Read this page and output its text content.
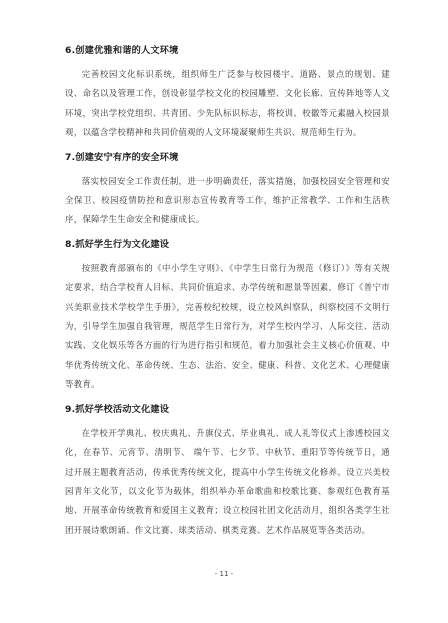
6.创建优雅和谐的人文环境

完善校园文化标识系统，组织师生广泛参与校园楼宇、道路、景点的规划、建设、命名以及管理工作，创设彰显学校文化的校园雕塑、文化长廊、宣传阵地等人文环境，突出学校党组织、共青团、少先队标识标志，将校训、校徽等元素融入校园景观，以蕴含学校精神和共同价值观的人文环境凝聚师生共识、规范师生行为。

7.创建安宁有序的安全环境

落实校园安全工作责任制，进一步明确责任，落实措施，加强校园安全管理和安全保卫、校园疫情防控和意识形态宣传教育等工作，维护正常教学、工作和生活秩序，保障学生生命安全和健康成长。

8.抓好学生行为文化建设

按照教育部颁布的《中小学生守则》、《中学生日常行为规范（修订）》等有关规定要求，结合学校育人目标、共同价值追求、办学传统和愿景等因素，修订《普宁市兴美职业技术学校学生手册》，完善校纪校规，设立校风纠察队，纠察校园不文明行为，引导学生加强自我管理，规范学生日常行为，对学生校内学习、人际交往、活动实践、文化娱乐等各方面的行为进行指引和规范，着力加强社会主义核心价值观、中华优秀传统文化、革命传统、生态、法治、安全、健康、科普、文化艺术、心理健康等教育。

9.抓好学校活动文化建设

在学校开学典礼、校庆典礼、升旗仪式、毕业典礼、成人礼等仪式上渗透校园文化，在春节、元宵节、清明节、 端午节、七夕节、中秋节、重阳节等传统节日，通过开展主题教育活动，传承优秀传统文化，提高中小学生传统文化修养。设立兴美校园青年文化节，以文化节为载体，组织举办革命歌曲和校歌比赛、参观红色教育基地、开展革命传统教育和爱国主义教育；设立校园社团文化活动月，组织各类学生社团开展诗歌朗诵、作文比赛、球类活动、棋类竞赛、艺术作品展览等各类活动。

- 11 -
